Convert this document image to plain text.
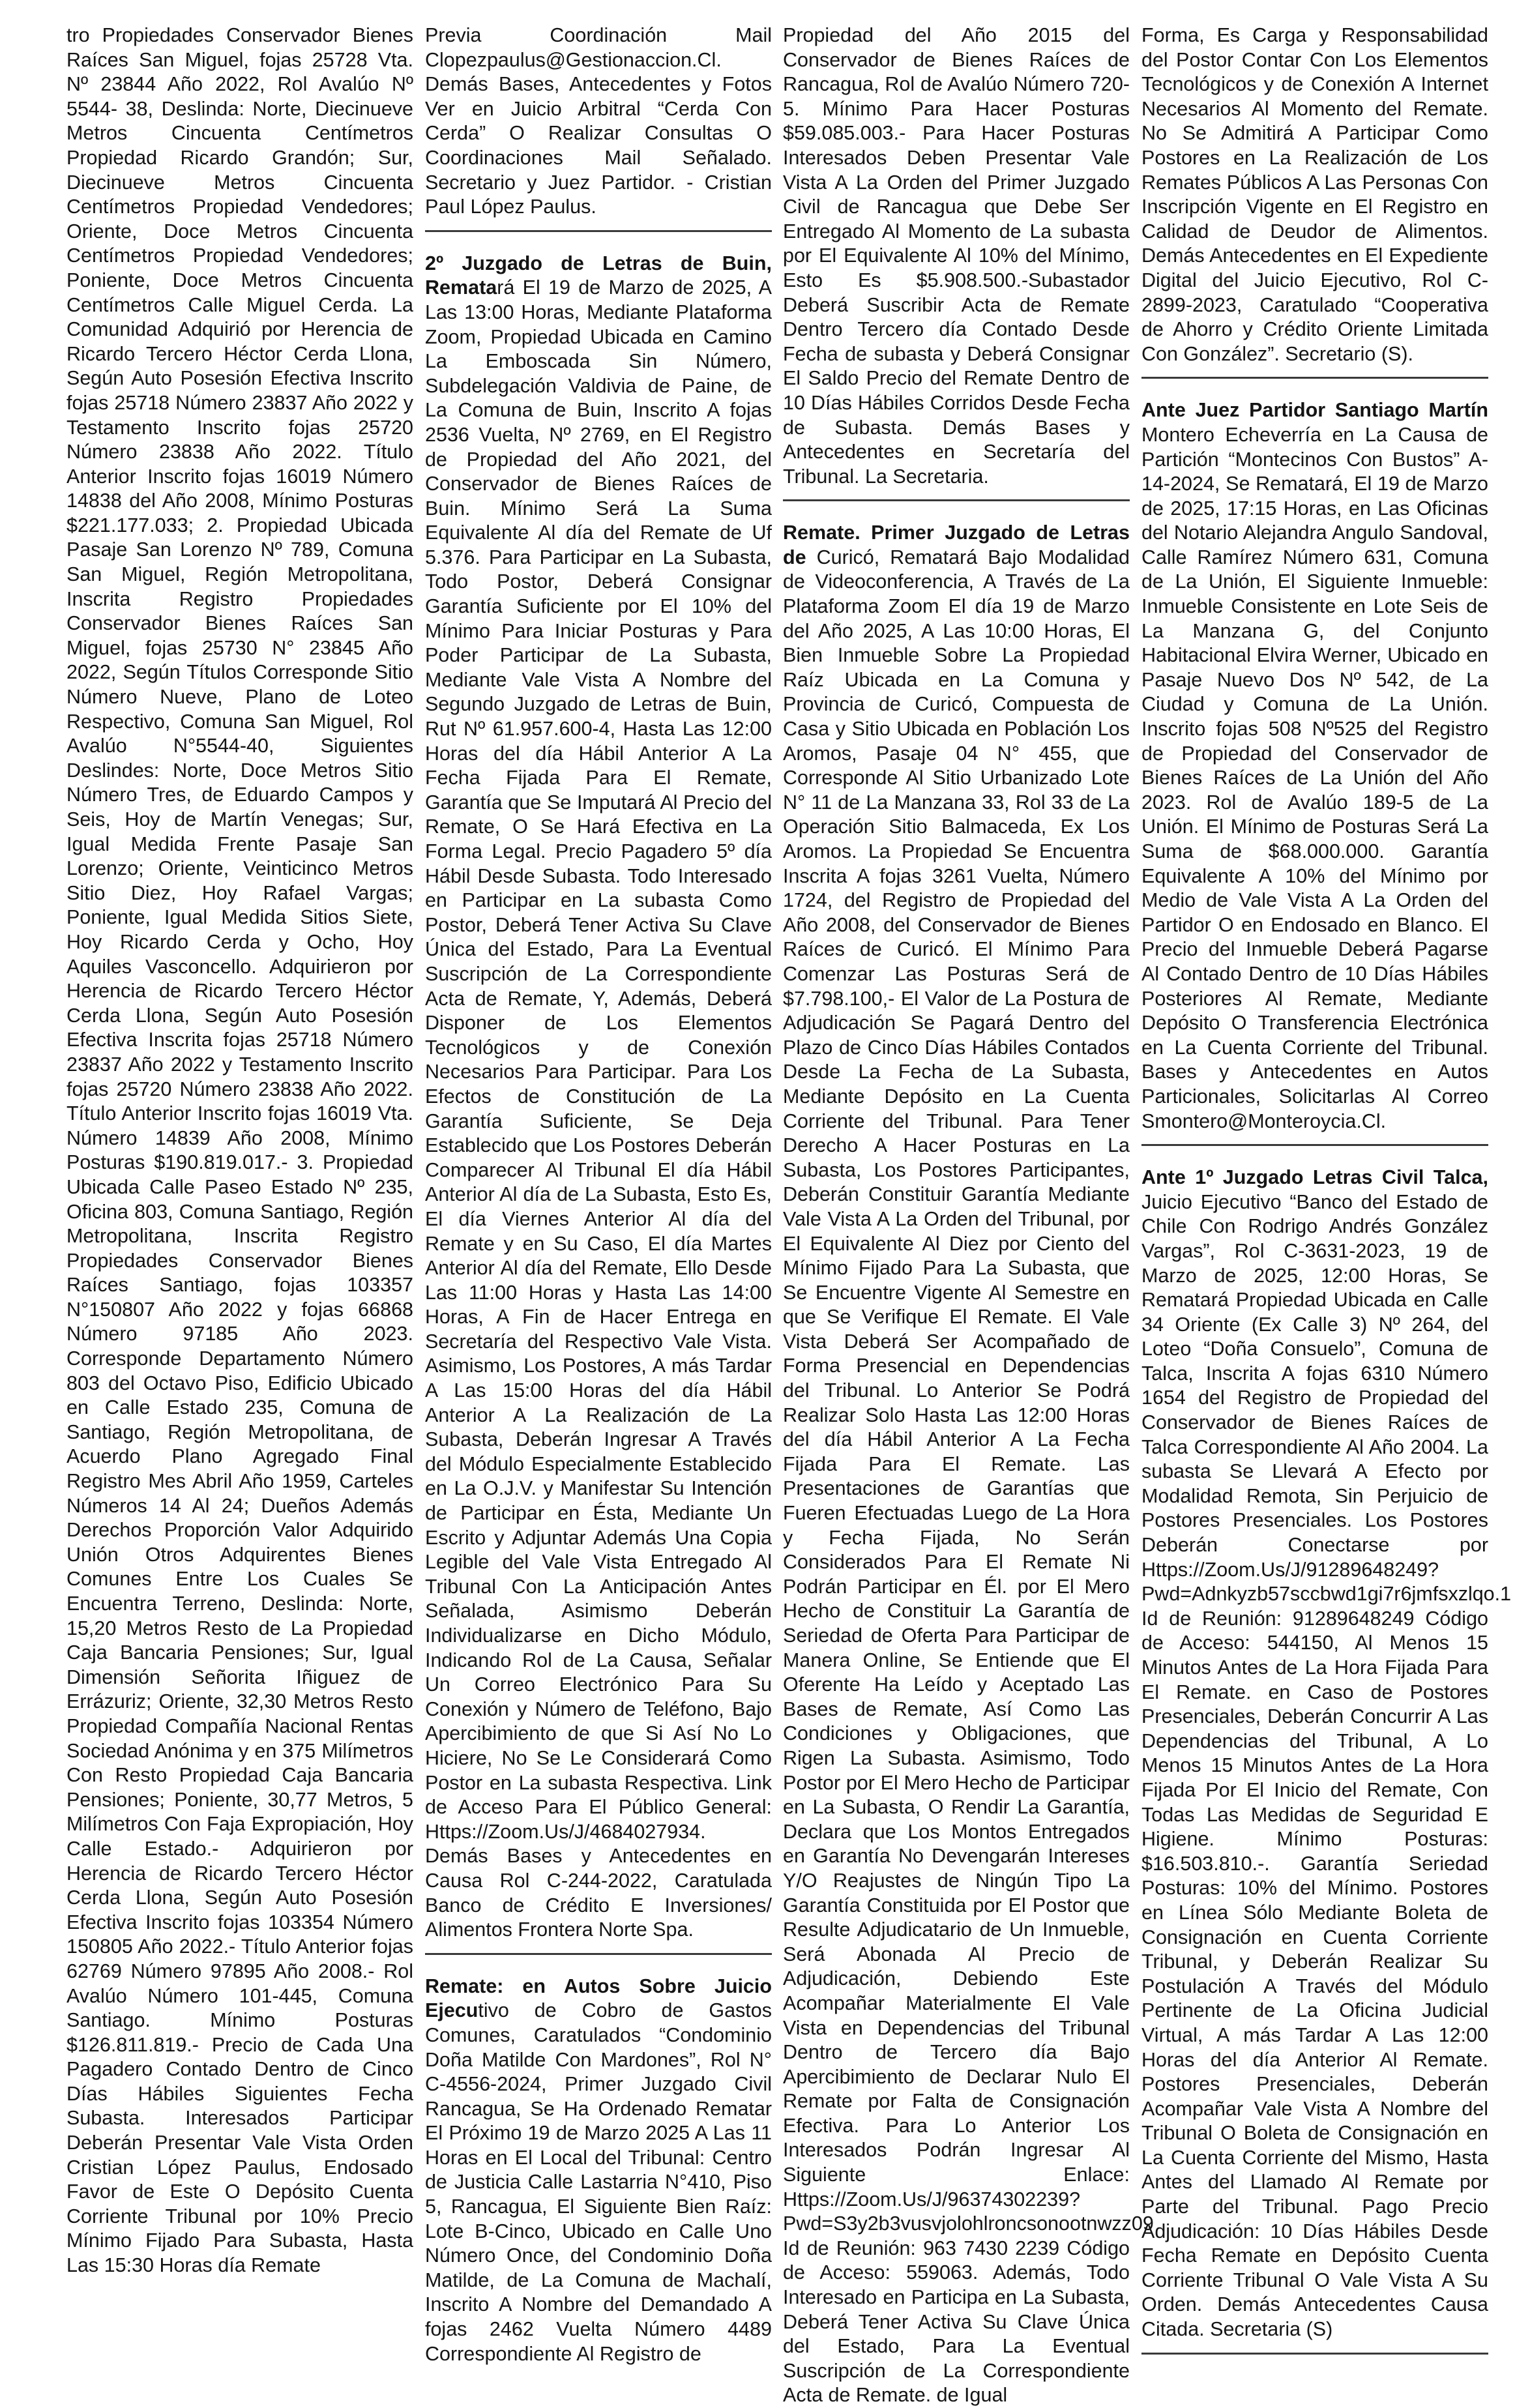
tro Propiedades Conservador Bienes Raíces San Miguel, fojas 25728 Vta. Nº 23844 Año 2022, Rol Avalúo Nº 5544- 38, Deslinda: Norte, Diecinueve Metros Cincuenta Centímetros Propiedad Ricardo Grandón; Sur, Diecinueve Metros Cincuenta Centímetros Propiedad Vendedores; Oriente, Doce Metros Cincuenta Centímetros Propiedad Vendedores; Poniente, Doce Metros Cincuenta Centímetros Calle Miguel Cerda. La Comunidad Adquirió por Herencia de Ricardo Tercero Héctor Cerda Llona, Según Auto Posesión Efectiva Inscrito fojas 25718 Número 23837 Año 2022 y Testamento Inscrito fojas 25720 Número 23838 Año 2022. Título Anterior Inscrito fojas 16019 Número 14838 del Año 2008, Mínimo Posturas $221.177.033; 2. Propiedad Ubicada Pasaje San Lorenzo Nº 789, Comuna San Miguel, Región Metropolitana, Inscrita Registro Propiedades Conservador Bienes Raíces San Miguel, fojas 25730 N° 23845 Año 2022, Según Títulos Corresponde Sitio Número Nueve, Plano de Loteo Respectivo, Comuna San Miguel, Rol Avalúo N°5544-40, Siguientes Deslindes: Norte, Doce Metros Sitio Número Tres, de Eduardo Campos y Seis, Hoy de Martín Venegas; Sur, Igual Medida Frente Pasaje San Lorenzo; Oriente, Veinticinco Metros Sitio Diez, Hoy Rafael Vargas; Poniente, Igual Medida Sitios Siete, Hoy Ricardo Cerda y Ocho, Hoy Aquiles Vasconcello. Adquirieron por Herencia de Ricardo Tercero Héctor Cerda Llona, Según Auto Posesión Efectiva Inscrita fojas 25718 Número 23837 Año 2022 y Testamento Inscrito fojas 25720 Número 23838 Año 2022. Título Anterior Inscrito fojas 16019 Vta. Número 14839 Año 2008, Mínimo Posturas $190.819.017.- 3. Propiedad Ubicada Calle Paseo Estado Nº 235, Oficina 803, Comuna Santiago, Región Metropolitana, Inscrita Registro Propiedades Conservador Bienes Raíces Santiago, fojas 103357 N°150807 Año 2022 y fojas 66868 Número 97185 Año 2023. Corresponde Departamento Número 803 del Octavo Piso, Edificio Ubicado en Calle Estado 235, Comuna de Santiago, Región Metropolitana, de Acuerdo Plano Agregado Final Registro Mes Abril Año 1959, Carteles Números 14 Al 24; Dueños Además Derechos Proporción Valor Adquirido Unión Otros Adquirentes Bienes Comunes Entre Los Cuales Se Encuentra Terreno, Deslinda: Norte, 15,20 Metros Resto de La Propiedad Caja Bancaria Pensiones; Sur, Igual Dimensión Señorita Iñiguez de Errázuriz; Oriente, 32,30 Metros Resto Propiedad Compañía Nacional Rentas Sociedad Anónima y en 375 Milímetros Con Resto Propiedad Caja Bancaria Pensiones; Poniente, 30,77 Metros, 5 Milímetros Con Faja Expropiación, Hoy Calle Estado.- Adquirieron por Herencia de Ricardo Tercero Héctor Cerda Llona, Según Auto Posesión Efectiva Inscrito fojas 103354 Número 150805 Año 2022.- Título Anterior fojas 62769 Número 97895 Año 2008.- Rol Avalúo Número 101-445, Comuna Santiago. Mínimo Posturas $126.811.819.- Precio de Cada Una Pagadero Contado Dentro de Cinco Días Hábiles Siguientes Fecha Subasta. Interesados Participar Deberán Presentar Vale Vista Orden Cristian López Paulus, Endosado Favor de Este O Depósito Cuenta Corriente Tribunal por 10% Precio Mínimo Fijado Para Subasta, Hasta Las 15:30 Horas día Remate

Previa Coordinación Mail Clopezpaulus@Gestionaccion.Cl. Demás Bases, Antecedentes y Fotos Ver en Juicio Arbitral “Cerda Con Cerda” O Realizar Consultas O Coordinaciones Mail Señalado. Secretario y Juez Partidor. - Cristian Paul López Paulus.

2º Juzgado de Letras de Buin, Rematará El 19 de Marzo de 2025, A Las 13:00 Horas, Mediante Plataforma Zoom, Propiedad Ubicada en Camino La Emboscada Sin Número, Subdelegación Valdivia de Paine, de La Comuna de Buin, Inscrito A fojas 2536 Vuelta, Nº 2769, en El Registro de Propiedad del Año 2021, del Conservador de Bienes Raíces de Buin. Mínimo Será La Suma Equivalente Al día del Remate de Uf 5.376. Para Participar en La Subasta, Todo Postor, Deberá Consignar Garantía Suficiente por El 10% del Mínimo Para Iniciar Posturas y Para Poder Participar de La Subasta, Mediante Vale Vista A Nombre del Segundo Juzgado de Letras de Buin, Rut Nº 61.957.600-4, Hasta Las 12:00 Horas del día Hábil Anterior A La Fecha Fijada Para El Remate, Garantía que Se Imputará Al Precio del Remate, O Se Hará Efectiva en La Forma Legal. Precio Pagadero 5º día Hábil Desde Subasta. Todo Interesado en Participar en La subasta Como Postor, Deberá Tener Activa Su Clave Única del Estado, Para La Eventual Suscripción de La Correspondiente Acta de Remate, Y, Además, Deberá Disponer de Los Elementos Tecnológicos y de Conexión Necesarios Para Participar. Para Los Efectos de Constitución de La Garantía Suficiente, Se Deja Establecido que Los Postores Deberán Comparecer Al Tribunal El día Hábil Anterior Al día de La Subasta, Esto Es, El día Viernes Anterior Al día del Remate y en Su Caso, El día Martes Anterior Al día del Remate, Ello Desde Las 11:00 Horas y Hasta Las 14:00 Horas, A Fin de Hacer Entrega en Secretaría del Respectivo Vale Vista. Asimismo, Los Postores, A más Tardar A Las 15:00 Horas del día Hábil Anterior A La Realización de La Subasta, Deberán Ingresar A Través del Módulo Especialmente Establecido en La O.J.V. y Manifestar Su Intención de Participar en Ésta, Mediante Un Escrito y Adjuntar Además Una Copia Legible del Vale Vista Entregado Al Tribunal Con La Anticipación Antes Señalada, Asimismo Deberán Individualizarse en Dicho Módulo, Indicando Rol de La Causa, Señalar Un Correo Electrónico Para Su Conexión y Número de Teléfono, Bajo Apercibimiento de que Si Así No Lo Hiciere, No Se Le Considerará Como Postor en La subasta Respectiva. Link de Acceso Para El Público General: Https://Zoom.Us/J/4684027934. Demás Bases y Antecedentes en Causa Rol C-244-2022, Caratulada Banco de Crédito E Inversiones/ Alimentos Frontera Norte Spa.

Remate: en Autos Sobre Juicio Ejecutivo de Cobro de Gastos Comunes, Caratulados “Condominio Doña Matilde Con Mardones”, Rol N° C-4556-2024, Primer Juzgado Civil Rancagua, Se Ha Ordenado Rematar El Próximo 19 de Marzo 2025 A Las 11 Horas en El Local del Tribunal: Centro de Justicia Calle Lastarria N°410, Piso 5, Rancagua, El Siguiente Bien Raíz: Lote B-Cinco, Ubicado en Calle Uno Número Once, del Condominio Doña Matilde, de La Comuna de Machalí, Inscrito A Nombre del Demandado A fojas 2462 Vuelta Número 4489 Correspondiente Al Registro de

Propiedad del Año 2015 del Conservador de Bienes Raíces de Rancagua, Rol de Avalúo Número 720-5. Mínimo Para Hacer Posturas $59.085.003.- Para Hacer Posturas Interesados Deben Presentar Vale Vista A La Orden del Primer Juzgado Civil de Rancagua que Debe Ser Entregado Al Momento de La subasta por El Equivalente Al 10% del Mínimo, Esto Es $5.908.500.-Subastador Deberá Suscribir Acta de Remate Dentro Tercero día Contado Desde Fecha de subasta y Deberá Consignar El Saldo Precio del Remate Dentro de 10 Días Hábiles Corridos Desde Fecha de Subasta. Demás Bases y Antecedentes en Secretaría del Tribunal. La Secretaria.

Remate. Primer Juzgado de Letras de Curicó, Rematará Bajo Modalidad de Videoconferencia, A Través de La Plataforma Zoom El día 19 de Marzo del Año 2025, A Las 10:00 Horas, El Bien Inmueble Sobre La Propiedad Raíz Ubicada en La Comuna y Provincia de Curicó, Compuesta de Casa y Sitio Ubicada en Población Los Aromos, Pasaje 04 N° 455, que Corresponde Al Sitio Urbanizado Lote N° 11 de La Manzana 33, Rol 33 de La Operación Sitio Balmaceda, Ex Los Aromos. La Propiedad Se Encuentra Inscrita A fojas 3261 Vuelta, Número 1724, del Registro de Propiedad del Año 2008, del Conservador de Bienes Raíces de Curicó. El Mínimo Para Comenzar Las Posturas Será de $7.798.100,- El Valor de La Postura de Adjudicación Se Pagará Dentro del Plazo de Cinco Días Hábiles Contados Desde La Fecha de La Subasta, Mediante Depósito en La Cuenta Corriente del Tribunal. Para Tener Derecho A Hacer Posturas en La Subasta, Los Postores Participantes, Deberán Constituir Garantía Mediante Vale Vista A La Orden del Tribunal, por El Equivalente Al Diez por Ciento del Mínimo Fijado Para La Subasta, que Se Encuentre Vigente Al Semestre en que Se Verifique El Remate. El Vale Vista Deberá Ser Acompañado de Forma Presencial en Dependencias del Tribunal. Lo Anterior Se Podrá Realizar Solo Hasta Las 12:00 Horas del día Hábil Anterior A La Fecha Fijada Para El Remate. Las Presentaciones de Garantías que Fueren Efectuadas Luego de La Hora y Fecha Fijada, No Serán Considerados Para El Remate Ni Podrán Participar en Él. por El Mero Hecho de Constituir La Garantía de Seriedad de Oferta Para Participar de Manera Online, Se Entiende que El Oferente Ha Leído y Aceptado Las Bases de Remate, Así Como Las Condiciones y Obligaciones, que Rigen La Subasta. Asimismo, Todo Postor por El Mero Hecho de Participar en La Subasta, O Rendir La Garantía, Declara que Los Montos Entregados en Garantía No Devengarán Intereses Y/O Reajustes de Ningún Tipo La Garantía Constituida por El Postor que Resulte Adjudicatario de Un Inmueble, Será Abonada Al Precio de Adjudicación, Debiendo Este Acompañar Materialmente El Vale Vista en Dependencias del Tribunal Dentro de Tercero día Bajo Apercibimiento de Declarar Nulo El Remate por Falta de Consignación Efectiva. Para Lo Anterior Los Interesados Podrán Ingresar Al Siguiente Enlace: Https://Zoom.Us/J/96374302239?Pwd=S3y2b3vusvjolohlroncsonootnwzz09 Id de Reunión: 963 7430 2239 Código de Acceso: 559063. Además, Todo Interesado en Participa en La Subasta, Deberá Tener Activa Su Clave Única del Estado, Para La Eventual Suscripción de La Correspondiente Acta de Remate. de Igual

Forma, Es Carga y Responsabilidad del Postor Contar Con Los Elementos Tecnológicos y de Conexión A Internet Necesarios Al Momento del Remate. No Se Admitirá A Participar Como Postores en La Realización de Los Remates Públicos A Las Personas Con Inscripción Vigente en El Registro en Calidad de Deudor de Alimentos. Demás Antecedentes en El Expediente Digital del Juicio Ejecutivo, Rol C-2899-2023, Caratulado “Cooperativa de Ahorro y Crédito Oriente Limitada Con González”. Secretario (S).

Ante Juez Partidor Santiago Martín Montero Echeverría en La Causa de Partición “Montecinos Con Bustos” A-14-2024, Se Rematará, El 19 de Marzo de 2025, 17:15 Horas, en Las Oficinas del Notario Alejandra Angulo Sandoval, Calle Ramírez Número 631, Comuna de La Unión, El Siguiente Inmueble: Inmueble Consistente en Lote Seis de La Manzana G, del Conjunto Habitacional Elvira Werner, Ubicado en Pasaje Nuevo Dos Nº 542, de La Ciudad y Comuna de La Unión. Inscrito fojas 508 Nº525 del Registro de Propiedad del Conservador de Bienes Raíces de La Unión del Año 2023. Rol de Avalúo 189-5 de La Unión. El Mínimo de Posturas Será La Suma de $68.000.000. Garantía Equivalente A 10% del Mínimo por Medio de Vale Vista A La Orden del Partidor O en Endosado en Blanco. El Precio del Inmueble Deberá Pagarse Al Contado Dentro de 10 Días Hábiles Posteriores Al Remate, Mediante Depósito O Transferencia Electrónica en La Cuenta Corriente del Tribunal. Bases y Antecedentes en Autos Particionales, Solicitarlas Al Correo Smontero@Monteroycia.Cl.

Ante 1º Juzgado Letras Civil Talca, Juicio Ejecutivo “Banco del Estado de Chile Con Rodrigo Andrés González Vargas”, Rol C-3631-2023, 19 de Marzo de 2025, 12:00 Horas, Se Rematará Propiedad Ubicada en Calle 34 Oriente (Ex Calle 3) Nº 264, del Loteo “Doña Consuelo”, Comuna de Talca, Inscrita A fojas 6310 Número 1654 del Registro de Propiedad del Conservador de Bienes Raíces de Talca Correspondiente Al Año 2004. La subasta Se Llevará A Efecto por Modalidad Remota, Sin Perjuicio de Postores Presenciales. Los Postores Deberán Conectarse por Https://Zoom.Us/J/91289648249?Pwd=Adnkyzb57sccbwd1gi7r6jmfsxzlqo.1 Id de Reunión: 91289648249 Código de Acceso: 544150, Al Menos 15 Minutos Antes de La Hora Fijada Para El Remate. en Caso de Postores Presenciales, Deberán Concurrir A Las Dependencias del Tribunal, A Lo Menos 15 Minutos Antes de La Hora Fijada Por El Inicio del Remate, Con Todas Las Medidas de Seguridad E Higiene. Mínimo Posturas: $16.503.810.-. Garantía Seriedad Posturas: 10% del Mínimo. Postores en Línea Sólo Mediante Boleta de Consignación en Cuenta Corriente Tribunal, y Deberán Realizar Su Postulación A Través del Módulo Pertinente de La Oficina Judicial Virtual, A más Tardar A Las 12:00 Horas del día Anterior Al Remate. Postores Presenciales, Deberán Acompañar Vale Vista A Nombre del Tribunal O Boleta de Consignación en La Cuenta Corriente del Mismo, Hasta Antes del Llamado Al Remate por Parte del Tribunal. Pago Precio Adjudicación: 10 Días Hábiles Desde Fecha Remate en Depósito Cuenta Corriente Tribunal O Vale Vista A Su Orden. Demás Antecedentes Causa Citada. Secretaria (S)
